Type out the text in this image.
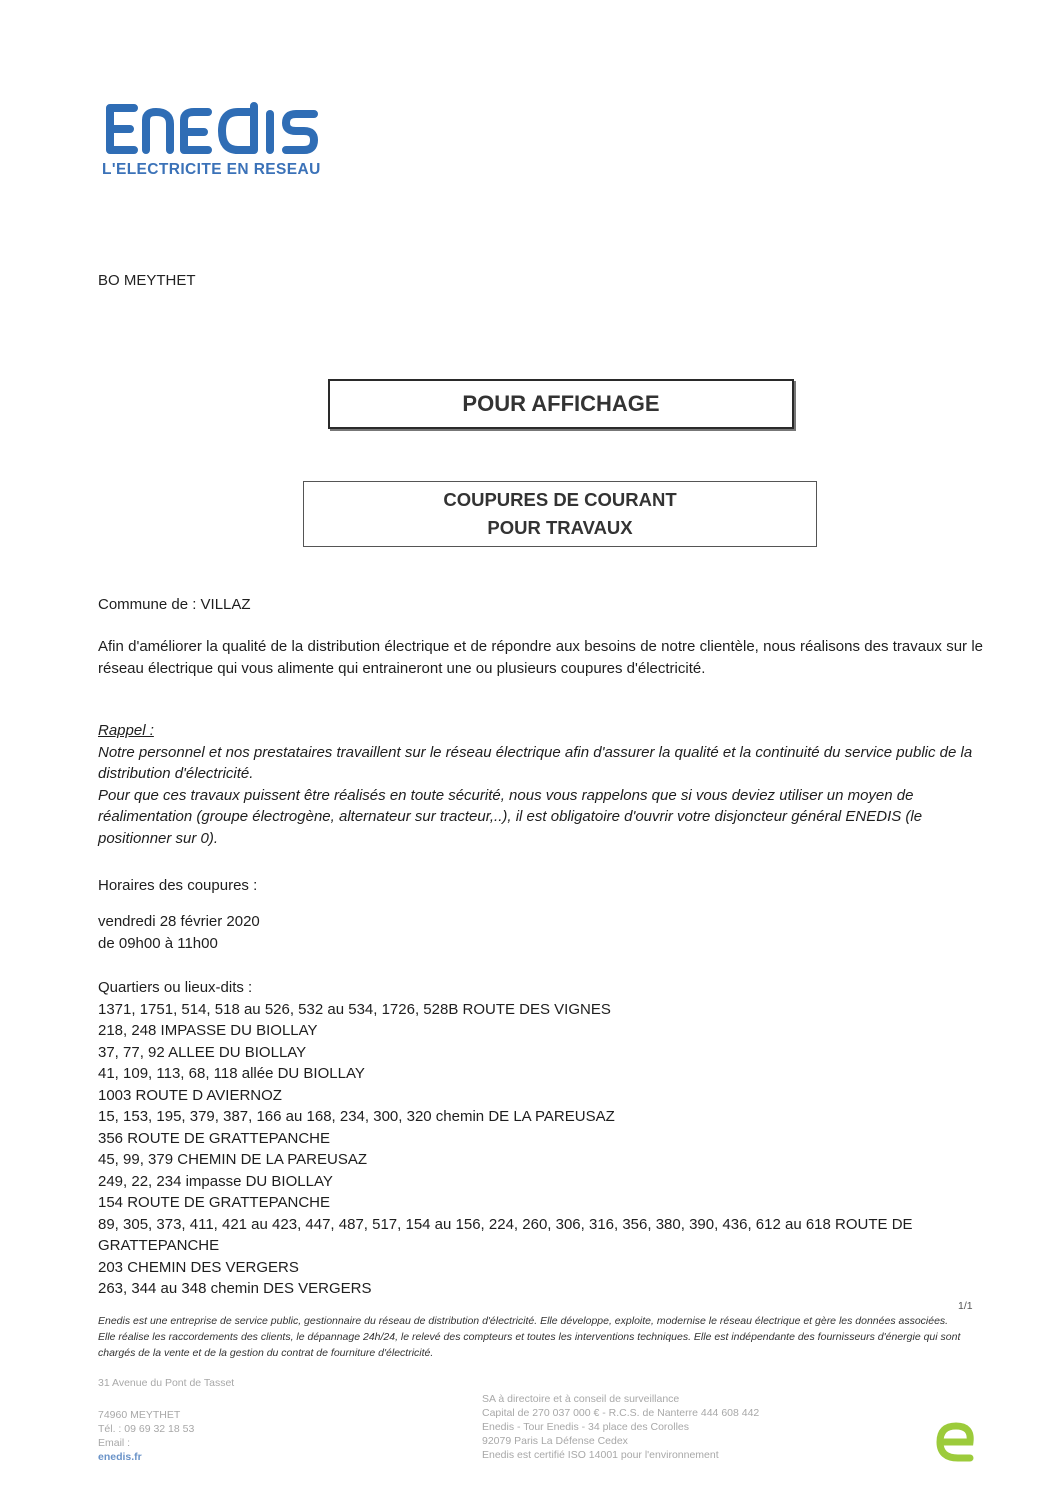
L'ELECTRICITE EN RESEAU
BO MEYTHET
POUR AFFICHAGE
COUPURES DE COURANT
POUR TRAVAUX
Commune de : VILLAZ
Afin d'améliorer la qualité de la distribution électrique et de répondre aux besoins de notre clientèle, nous réalisons des travaux sur le réseau électrique qui vous alimente qui entraineront une ou plusieurs coupures d'électricité.

Rappel :

Notre personnel et nos prestataires travaillent sur le réseau électrique afin d'assurer la qualité et la continuité du service public de la distribution d'électricité.

Pour que ces travaux puissent être réalisés en toute sécurité, nous vous rappelons que si vous deviez utiliser un moyen de réalimentation (groupe électrogène, alternateur sur tracteur,..), il est obligatoire d'ouvrir votre disjoncteur général ENEDIS (le positionner sur 0).

Horaires des coupures :

vendredi 28 février 2020

de 09h00 à 11h00

Quartiers ou lieux-dits :

1371, 1751, 514, 518 au 526, 532 au 534, 1726, 528B ROUTE DES VIGNES

218, 248 IMPASSE DU BIOLLAY

37, 77, 92 ALLEE DU BIOLLAY

41, 109, 113, 68, 118 allée DU BIOLLAY

1003 ROUTE D AVIERNOZ

15, 153, 195, 379, 387, 166 au 168, 234, 300, 320 chemin DE LA PAREUSAZ

356 ROUTE DE GRATTEPANCHE

45, 99, 379 CHEMIN DE LA PAREUSAZ

249, 22, 234 impasse DU BIOLLAY

154 ROUTE DE GRATTEPANCHE

89, 305, 373, 411, 421 au 423, 447, 487, 517, 154 au 156, 224, 260, 306, 316, 356, 380, 390, 436, 612 au 618 ROUTE DE GRATTEPANCHE

203 CHEMIN DES VERGERS

263, 344 au 348 chemin DES VERGERS

1/1
Enedis est une entreprise de service public, gestionnaire du réseau de distribution d'électricité. Elle développe, exploite, modernise le réseau électrique et gère les données associées. Elle réalise les raccordements des clients, le dépannage 24h/24, le relevé des compteurs et toutes les interventions techniques. Elle est indépendante des fournisseurs d'énergie qui sont chargés de la vente et de la gestion du contrat de fourniture d'électricité.
31 Avenue du Pont de Tasset
74960 MEYTHET
Tél. : 09 69 32 18 53
Email :
enedis.fr
SA à directoire et à conseil de surveillance
Capital de 270 037 000 € - R.C.S. de Nanterre 444 608 442
Enedis - Tour Enedis - 34 place des Corolles
92079 Paris La Défense Cedex
Enedis est certifié ISO 14001 pour l'environnement
